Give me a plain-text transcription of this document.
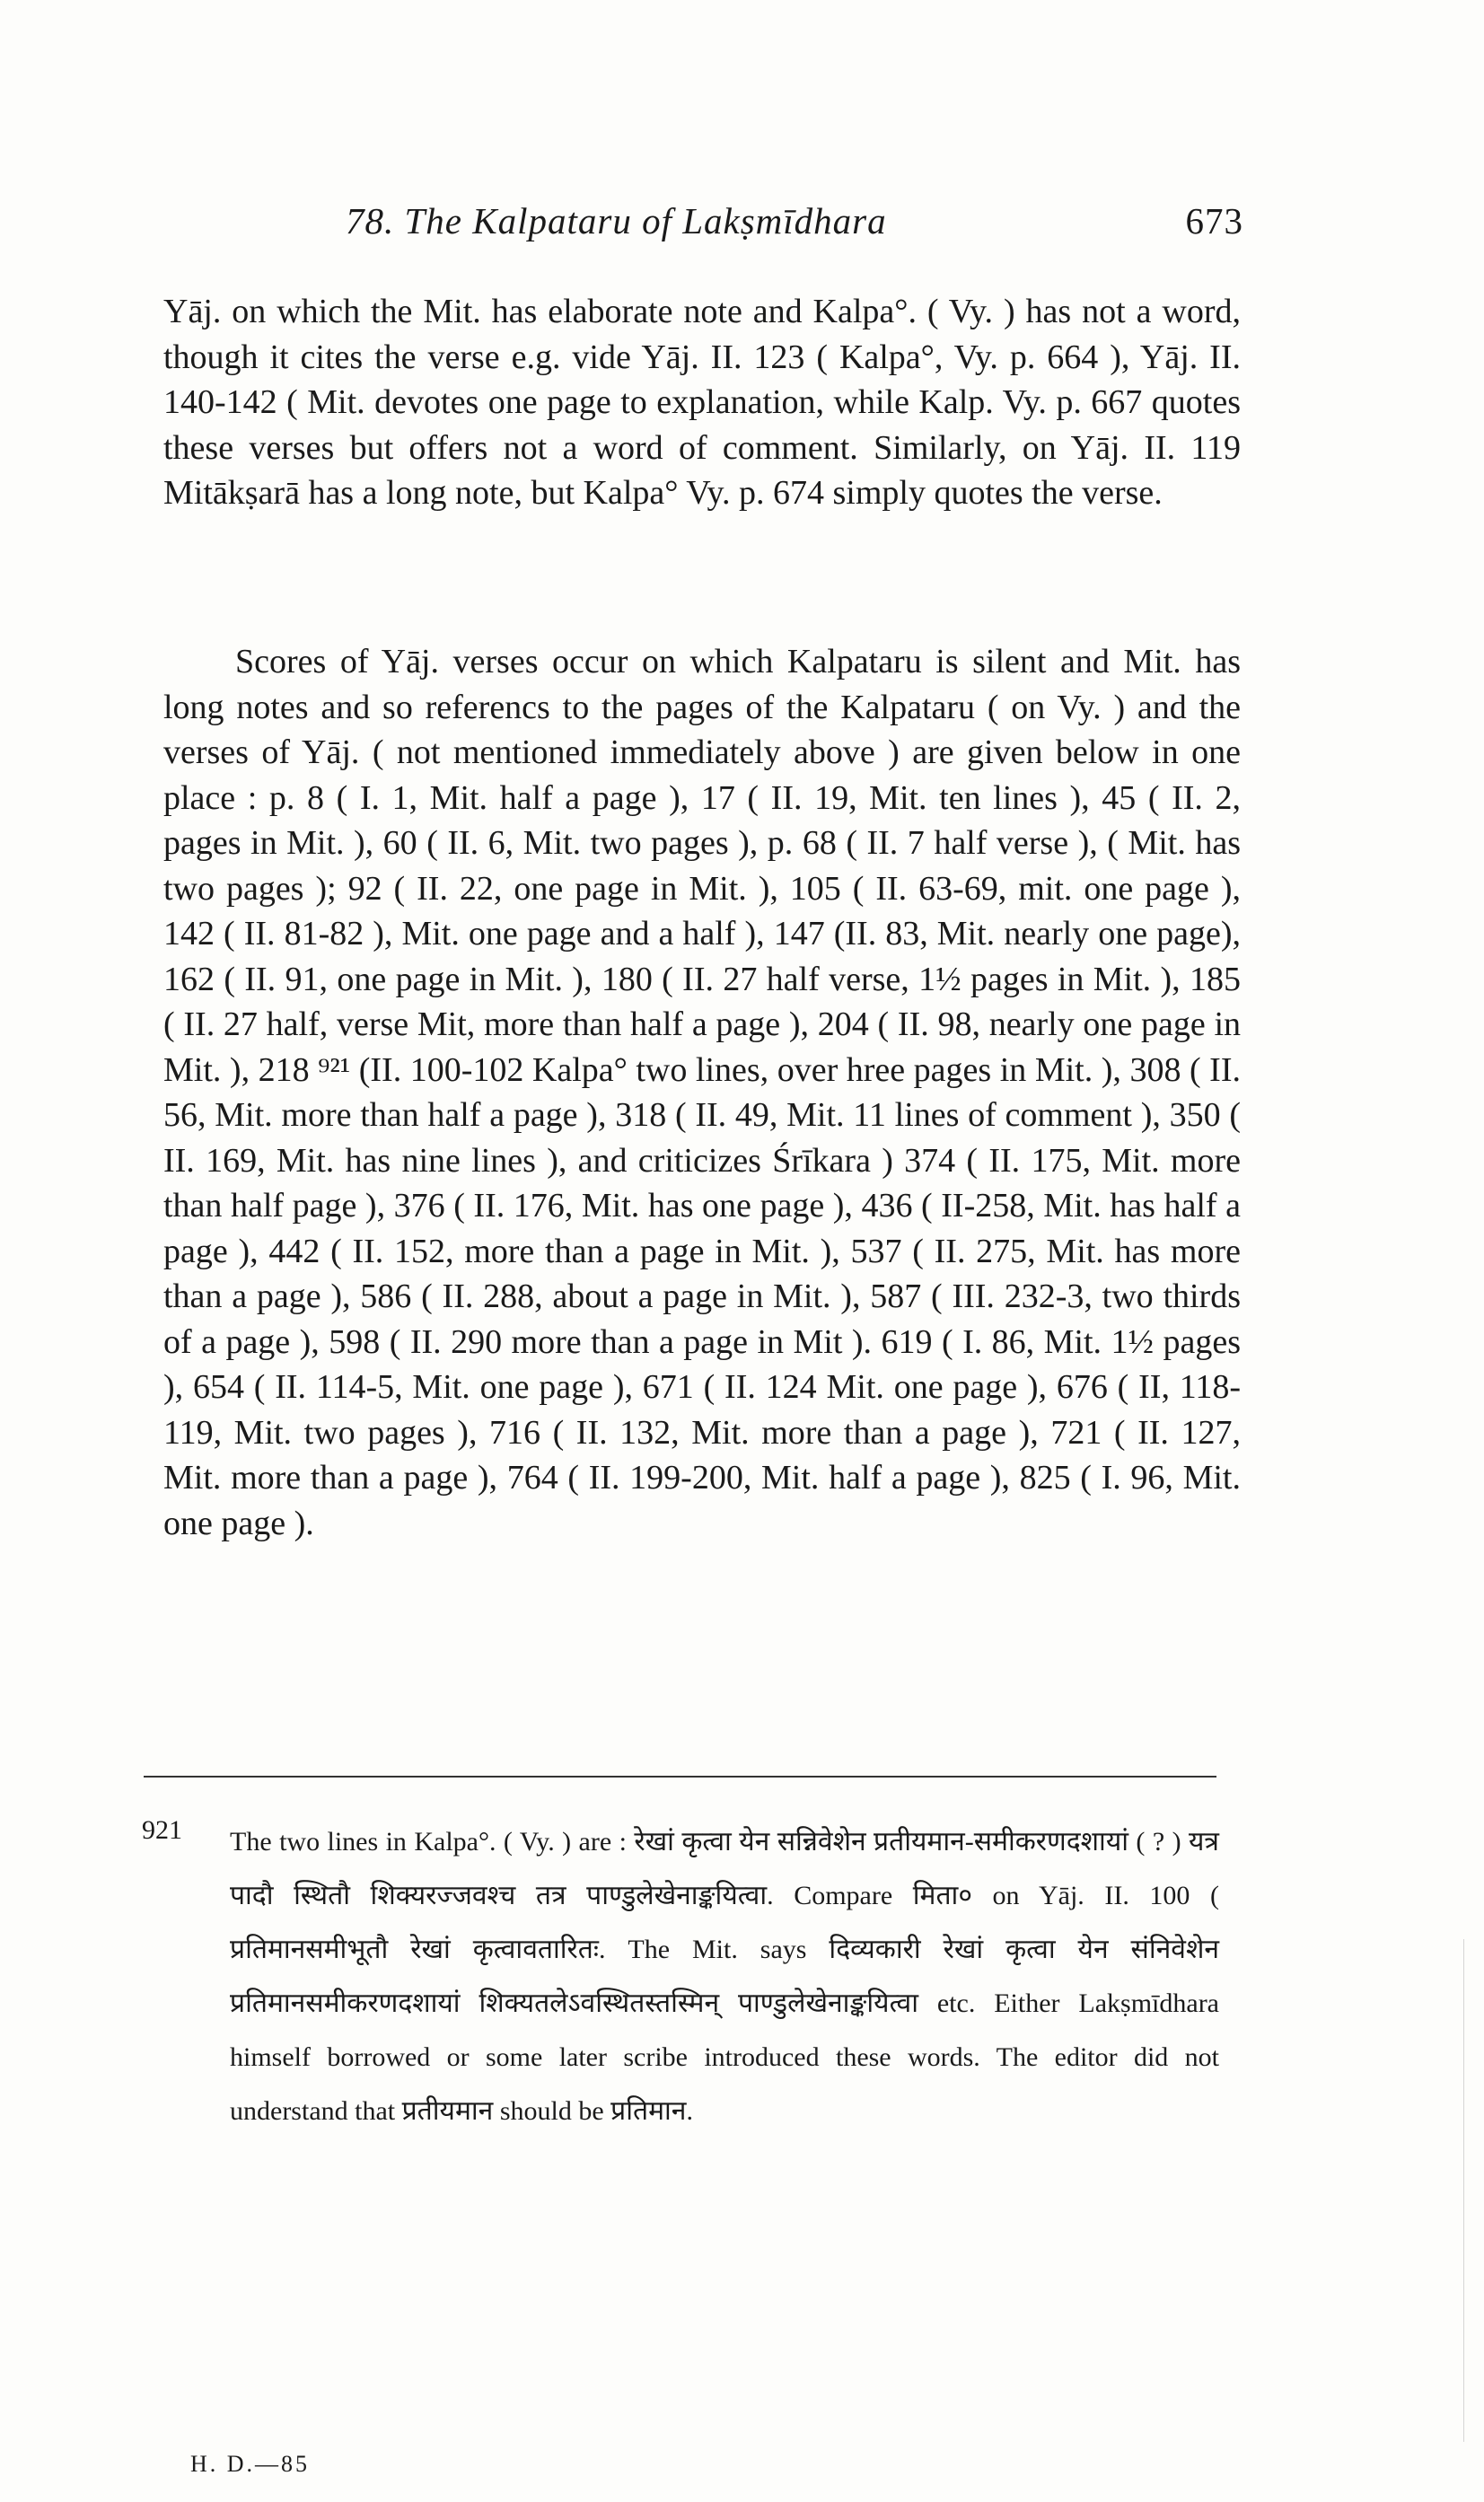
78. The Kalpataru of Lakṣmīdhara	673

Yāj. on which the Mit. has elaborate note and Kalpa°. ( Vy. ) has not a word, though it cites the verse e.g. vide Yāj. II. 123 ( Kalpa°, Vy. p. 664 ), Yāj. II. 140-142 ( Mit. devotes one page to explanation, while Kalp. Vy. p. 667 quotes these verses but offers not a word of comment. Similarly, on Yāj. II. 119 Mitākṣarā has a long note, but Kalpa° Vy. p. 674 simply quotes the verse.

Scores of Yāj. verses occur on which Kalpataru is silent and Mit. has long notes and so referencs to the pages of the Kalpataru ( on Vy. ) and the verses of Yāj. ( not mentioned immediately above ) are given below in one place : p. 8 ( I. 1, Mit. half a page ), 17 ( II. 19, Mit. ten lines ), 45 ( II. 2, pages in Mit. ), 60 ( II. 6, Mit. two pages ), p. 68 ( II. 7 half verse ), ( Mit. has two pages ); 92 ( II. 22, one page in Mit. ), 105 ( II. 63-69, mit. one page ), 142 ( II. 81-82 ), Mit. one page and a half ), 147 (II. 83, Mit. nearly one page), 162 ( II. 91, one page in Mit. ), 180 ( II. 27 half verse, 1½ pages in Mit. ), 185 ( II. 27 half, verse Mit, more than half a page ), 204 ( II. 98, nearly one page in Mit. ), 218 ⁹²¹ (II. 100-102 Kalpa° two lines, over hree pages in Mit. ), 308 ( II. 56, Mit. more than half a page ), 318 ( II. 49, Mit. 11 lines of comment ), 350 ( II. 169, Mit. has nine lines ), and criticizes Śrīkara ) 374 ( II. 175, Mit. more than half page ), 376 ( II. 176, Mit. has one page ), 436 ( II-258, Mit. has half a page ), 442 ( II. 152, more than a page in Mit. ), 537 ( II. 275, Mit. has more than a page ), 586 ( II. 288, about a page in Mit. ), 587 ( III. 232-3, two thirds of a page ), 598 ( II. 290 more than a page in Mit ). 619 ( I. 86, Mit. 1½ pages ), 654 ( II. 114-5, Mit. one page ), 671 ( II. 124 Mit. one page ), 676 ( II, 118-119, Mit. two pages ), 716 ( II. 132, Mit. more than a page ), 721 ( II. 127, Mit. more than a page ), 764 ( II. 199-200, Mit. half a page ), 825 ( I. 96, Mit. one page ).

921 The two lines in Kalpa°. ( Vy. ) are : रेखां कृत्वा येन सन्निवेशेन प्रतीयमान-समीकरणदशायां ( ? ) यत्र पादौ स्थितौ शिक्यरज्जवश्च तत्र पाण्डुलेखेनाङ्कयित्वा. Compare मिता० on Yāj. II. 100 ( प्रतिमानसमीभूतौ रेखां कृत्वावतारितः. The Mit. says दिव्यकारी रेखां कृत्वा येन संनिवेशेन प्रतिमानसमीकरणदशायां शिक्यतलेऽवस्थितस्तस्मिन् पाण्डुलेखेनाङ्कयित्वा etc. Either Lakṣmīdhara himself borrowed or some later scribe introduced these words. The editor did not understand that प्रतीयमान should be प्रतिमान.

H. D.—85
